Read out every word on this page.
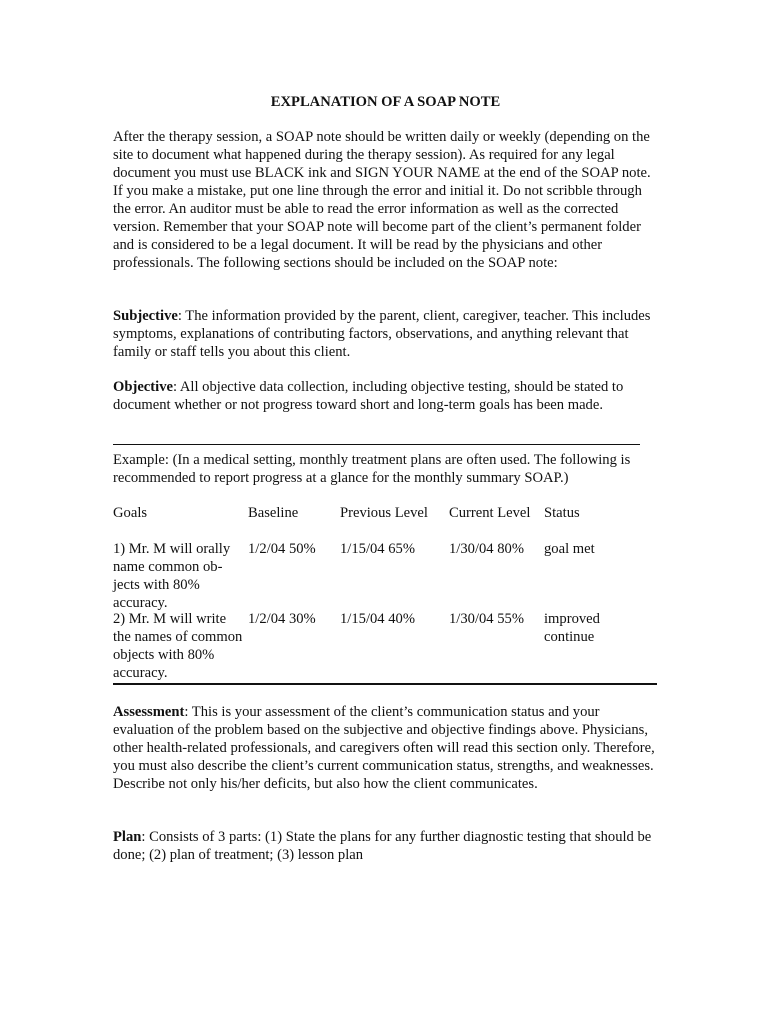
EXPLANATION OF A SOAP NOTE

After the therapy session, a SOAP note should be written daily or weekly (depending on the site to document what happened during the therapy session). As required for any legal document you must use BLACK ink and SIGN YOUR NAME at the end of the SOAP note. If you make a mistake, put one line through the error and initial it. Do not scribble through the error. An auditor must be able to read the error information as well as the corrected version. Remember that your SOAP note will become part of the client’s permanent folder and is considered to be a legal document. It will be read by the physicians and other professionals. The following sections should be included on the SOAP note:

Subjective: The information provided by the parent, client, caregiver, teacher. This includes symptoms, explanations of contributing factors, observations, and anything relevant that family or staff tells you about this client.

Objective: All objective data collection, including objective testing, should be stated to document whether or not progress toward short and long-term goals has been made.

Example: (In a medical setting, monthly treatment plans are often used. The following is recommended to report progress at a glance for the monthly summary SOAP.)

Goals	Baseline	Previous Level Current Level Status
1) Mr. M will orally
name common ob-
jects with 80% accuracy.
1/2/04 50% 1/15/04 65% 1/30/04 80% goal met
2) Mr. M will write
the names of common
objects with 80%
accuracy.
1/2/04 30% 1/15/04 40% 1/30/04 55% improved
continue

Assessment: This is your assessment of the client’s communication status and your evaluation of the problem based on the subjective and objective findings above. Physicians, other health-related professionals, and caregivers often will read this section only. Therefore, you must also describe the client’s current communication status, strengths, and weaknesses. Describe not only his/her deficits, but also how the client communicates.

Plan: Consists of 3 parts: (1) State the plans for any further diagnostic testing that should be done; (2) plan of treatment; (3) lesson plan
